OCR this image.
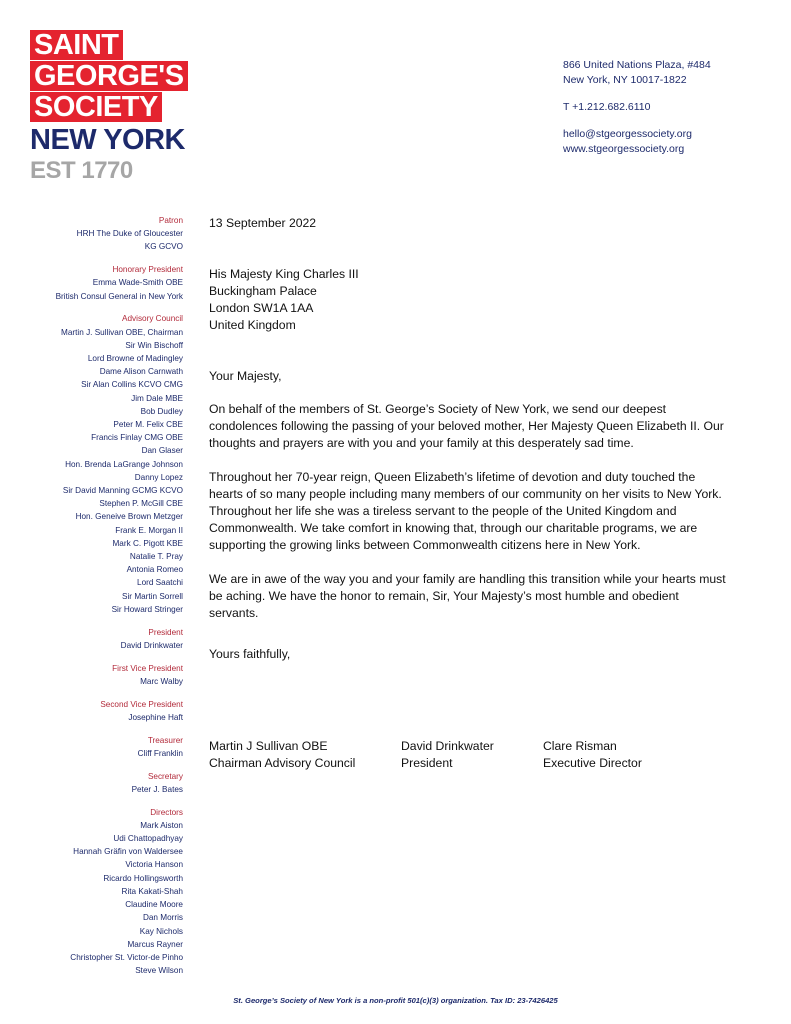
SAINT
GEORGE'S
SOCIETY
NEW YORK
EST 1770
866 United Nations Plaza, #484
New York, NY 10017-1822
T +1.212.682.6110
hello@stgeorgessociety.org
www.stgeorgessociety.org
Patron
HRH The Duke of Gloucester
KG GCVO
Honorary President
Emma Wade-Smith OBE
British Consul General in New York
Advisory Council
Martin J. Sullivan OBE, Chairman
Sir Win Bischoff
Lord Browne of Madingley
Dame Alison Carnwath
Sir Alan Collins KCVO CMG
Jim Dale MBE
Bob Dudley
Peter M. Felix CBE
Francis Finlay CMG OBE
Dan Glaser
Hon. Brenda LaGrange Johnson
Danny Lopez
Sir David Manning GCMG KCVO
Stephen P. McGill CBE
Hon. Geneive Brown Metzger
Frank E. Morgan II
Mark C. Pigott KBE
Natalie T. Pray
Antonia Romeo
Lord Saatchi
Sir Martin Sorrell
Sir Howard Stringer
President
David Drinkwater
First Vice President
Marc Walby
Second Vice President
Josephine Haft
Treasurer
Cliff Franklin
Secretary
Peter J. Bates
Directors
Mark Aiston
Udi Chattopadhyay
Hannah Gräfin von Waldersee
Victoria Hanson
Ricardo Hollingsworth
Rita Kakati-Shah
Claudine Moore
Dan Morris
Kay Nichols
Marcus Rayner
Christopher St. Victor-de Pinho
Steve Wilson
13 September 2022
His Majesty King Charles III
Buckingham Palace
London SW1A 1AA
United Kingdom
Your Majesty,

On behalf of the members of St. George’s Society of New York, we send our deepest condolences following the passing of your beloved mother, Her Majesty Queen Elizabeth II. Our thoughts and prayers are with you and your family at this desperately sad time.

Throughout her 70-year reign, Queen Elizabeth’s lifetime of devotion and duty touched the hearts of so many people including many members of our community on her visits to New York. Throughout her life she was a tireless servant to the people of the United Kingdom and Commonwealth. We take comfort in knowing that, through our charitable programs, we are supporting the growing links between Commonwealth citizens here in New York.

We are in awe of the way you and your family are handling this transition while your hearts must be aching. We have the honor to remain, Sir, Your Majesty’s most humble and obedient servants.

Yours faithfully,
Martin J Sullivan OBE
Chairman Advisory Council
David Drinkwater
President
Clare Risman
Executive Director
St. George’s Society of New York is a non-profit 501(c)(3) organization. Tax ID: 23-7426425
